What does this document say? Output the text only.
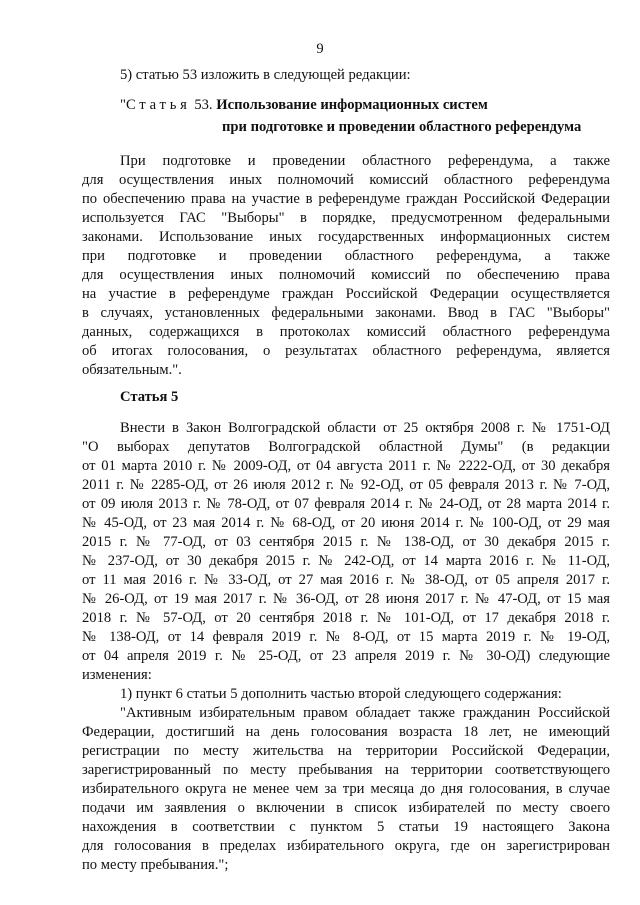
9
5) статью 53 изложить в следующей редакции:
"Статья 53. Использование информационных систем
при подготовке и проведении областного референдума
При подготовке и проведении областного референдума, а также
для осуществления иных полномочий комиссий областного референдума
по обеспечению права на участие в референдуме граждан Российской Федерации
используется ГАС "Выборы" в порядке, предусмотренном федеральными
законами. Использование иных государственных информационных систем
при подготовке и проведении областного референдума, а также
для осуществления иных полномочий комиссий по обеспечению права
на участие в референдуме граждан Российской Федерации осуществляется
в случаях, установленных федеральными законами. Ввод в ГАС "Выборы"
данных, содержащихся в протоколах комиссий областного референдума
об итогах голосования, о результатах областного референдума, является
обязательным.".
Статья 5
Внести в Закон Волгоградской области от 25 октября 2008 г. № 1751-ОД
"О выборах депутатов Волгоградской областной Думы" (в редакции
от 01 марта 2010 г. № 2009-ОД, от 04 августа 2011 г. № 2222-ОД, от 30 декабря
2011 г. № 2285-ОД, от 26 июля 2012 г. № 92-ОД, от 05 февраля 2013 г. № 7-ОД,
от 09 июля 2013 г. № 78-ОД, от 07 февраля 2014 г. № 24-ОД, от 28 марта 2014 г.
№ 45-ОД, от 23 мая 2014 г. № 68-ОД, от 20 июня 2014 г. № 100-ОД, от 29 мая
2015 г. № 77-ОД, от 03 сентября 2015 г. № 138-ОД, от 30 декабря 2015 г.
№ 237-ОД, от 30 декабря 2015 г. № 242-ОД, от 14 марта 2016 г. № 11-ОД,
от 11 мая 2016 г. № 33-ОД, от 27 мая 2016 г. № 38-ОД, от 05 апреля 2017 г.
№ 26-ОД, от 19 мая 2017 г. № 36-ОД, от 28 июня 2017 г. № 47-ОД, от 15 мая
2018 г. № 57-ОД, от 20 сентября 2018 г. № 101-ОД, от 17 декабря 2018 г.
№ 138-ОД, от 14 февраля 2019 г. № 8-ОД, от 15 марта 2019 г. № 19-ОД,
от 04 апреля 2019 г. № 25-ОД, от 23 апреля 2019 г. № 30-ОД) следующие
изменения:
1) пункт 6 статьи 5 дополнить частью второй следующего содержания:
"Активным избирательным правом обладает также гражданин Российской
Федерации, достигший на день голосования возраста 18 лет, не имеющий
регистрации по месту жительства на территории Российской Федерации,
зарегистрированный по месту пребывания на территории соответствующего
избирательного округа не менее чем за три месяца до дня голосования, в случае
подачи им заявления о включении в список избирателей по месту своего
нахождения в соответствии с пунктом 5 статьи 19 настоящего Закона
для голосования в пределах избирательного округа, где он зарегистрирован
по месту пребывания.";
